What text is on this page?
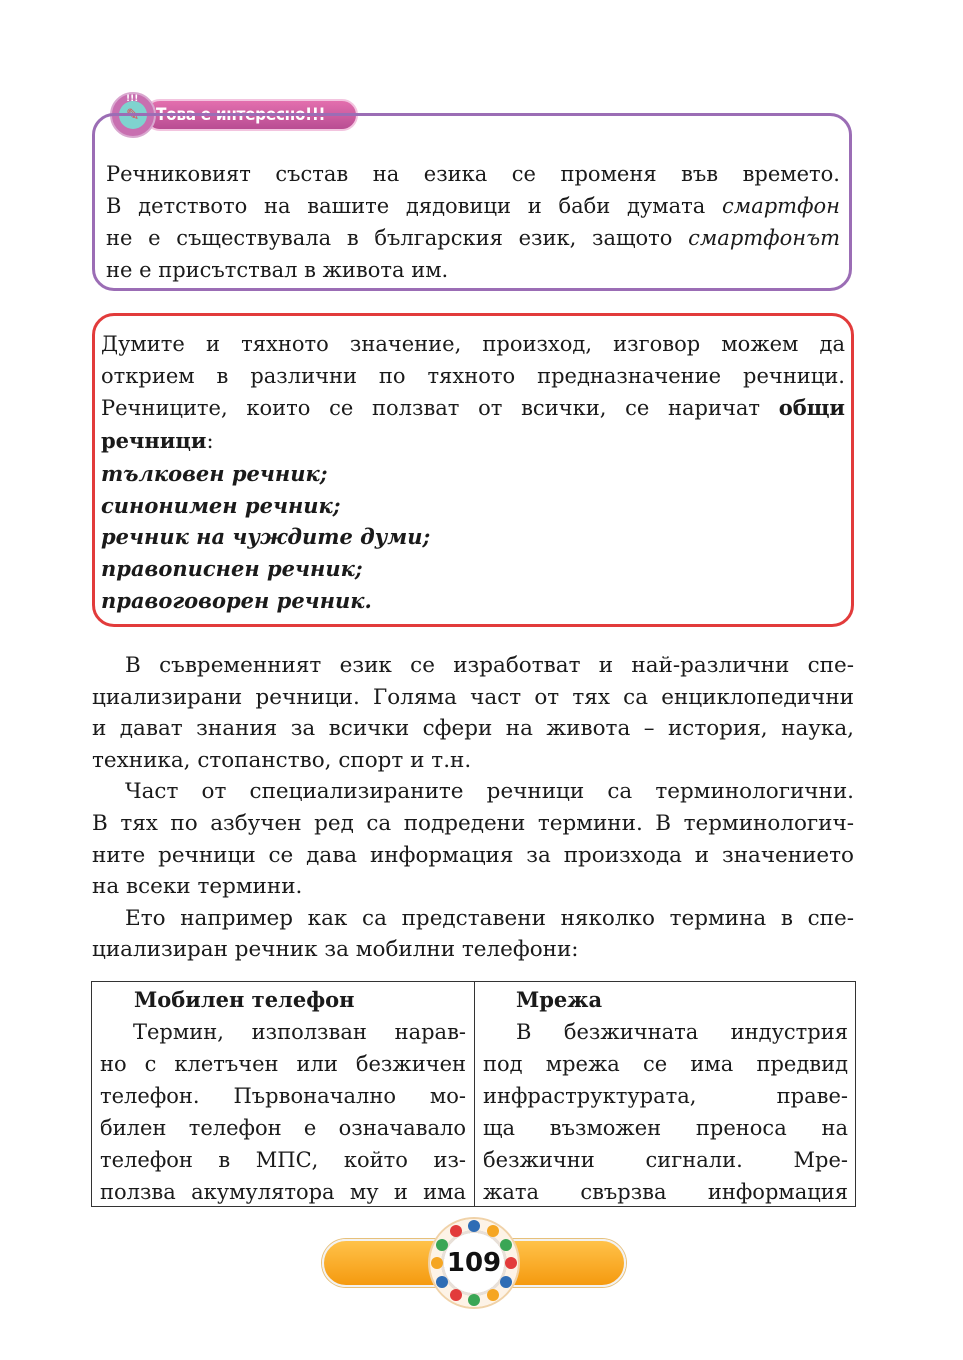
!!!
✎ Това е интересно!!!
Речниковият състав на езика се променя във времето.
В детството на вашите дядовици и баби думата смартфон
не е съществувала в българския език, защото смартфонът
не е присътствал в живота им.
Думите и тяхното значение, произход, изговор можем да
открием в различни по тяхното предназначение речници.
Речниците, които се ползват от всички, се наричат общи
речници:
тълковен речник;
синонимен речник;
речник на чуждите думи;
правописнен речник;
правоговорен речник.
В съвременният език се изработват и най-различни спе-
циализирани речници. Голяма част от тях са енциклопедични
и дават знания за всички сфери на живота – история, наука,
техника, стопанство, спорт и т.н.
Част от специализираните речници са терминологични.
В тях по азбучен ред са подредени термини. В терминологич-
ните речници се дава информация за произхода и значението
на всеки термини.
Ето например как са представени няколко термина в спе-
циализиран речник за мобилни телефони:
Мобилен телефон
Термин, използван нарав-
но с клетъчен или безжичен
телефон. Първоначално мо-
билен телефон е означавало
телефон в МПС, който из-
ползва акумулятора му и има
Мрежа
В безжичната индустрия
под мрежа се има предвид
инфраструктурата, праве-
ща възможен преноса на
безжични сигнали. Мре-
жата свързва информация
109
